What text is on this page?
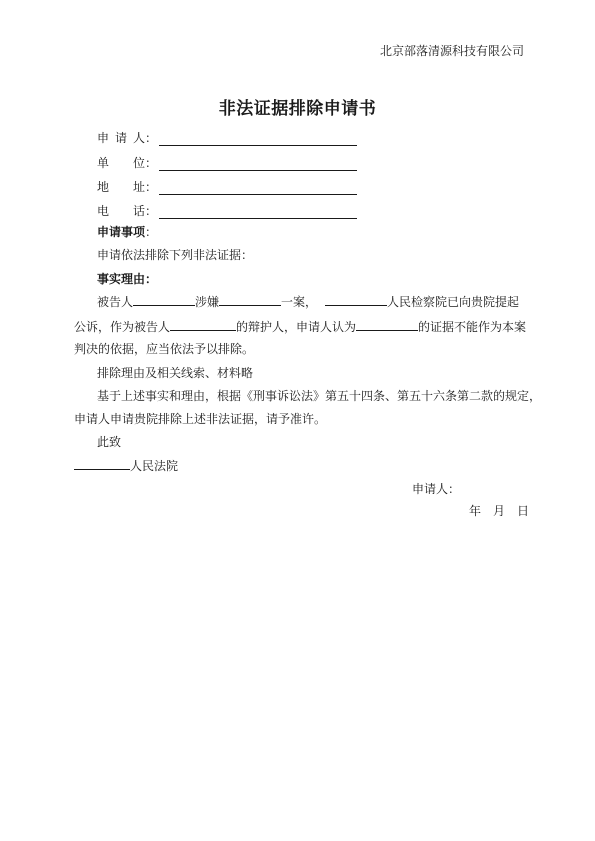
北京部落清源科技有限公司
非法证据排除申请书
申请人 ：
单位 ：
地址 ：
电话 ：
申请事项：
申请依法排除下列非法证据：
事实理由：
被告人	涉嫌	一案，	人民检察院已向贵院提起
公诉，作为被告人	的辩护人，申请人认为	的证据不能作为本案
判决的依据，应当依法予以排除。
排除理由及相关线索、材料略
基于上述事实和理由，根据《刑事诉讼法》第五十四条、第五十六条第二款的规定，
申请人申请贵院排除上述非法证据，请予准许。
此致
人民法院
申请人：
年　月　日
